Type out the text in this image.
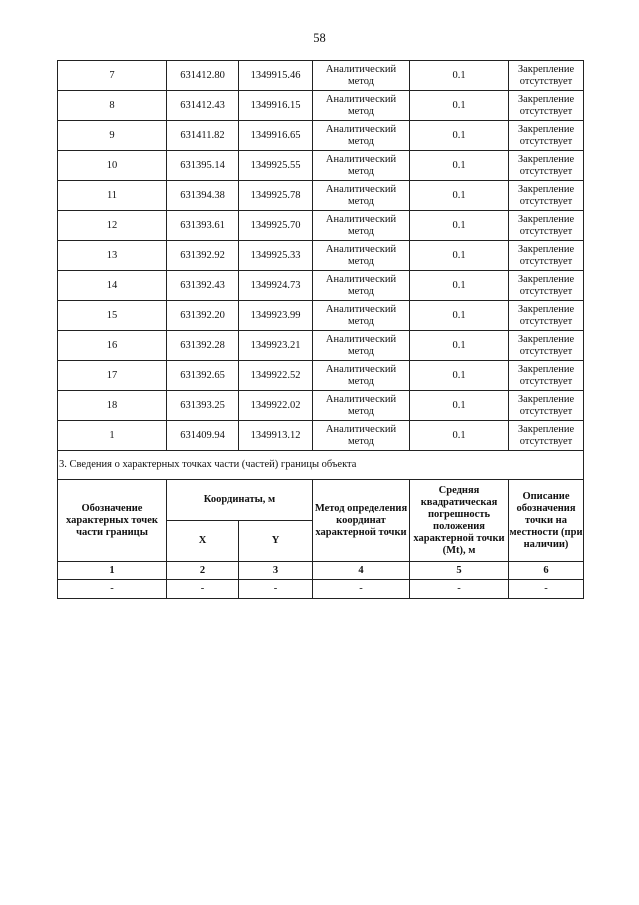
58
7	631412.80	1349915.46	Аналитический метод	0.1	Закрепление отсутствует
8	631412.43	1349916.15	Аналитический метод	0.1	Закрепление отсутствует
9	631411.82	1349916.65	Аналитический метод	0.1	Закрепление отсутствует
10	631395.14	1349925.55	Аналитический метод	0.1	Закрепление отсутствует
11	631394.38	1349925.78	Аналитический метод	0.1	Закрепление отсутствует
12	631393.61	1349925.70	Аналитический метод	0.1	Закрепление отсутствует
13	631392.92	1349925.33	Аналитический метод	0.1	Закрепление отсутствует
14	631392.43	1349924.73	Аналитический метод	0.1	Закрепление отсутствует
15	631392.20	1349923.99	Аналитический метод	0.1	Закрепление отсутствует
16	631392.28	1349923.21	Аналитический метод	0.1	Закрепление отсутствует
17	631392.65	1349922.52	Аналитический метод	0.1	Закрепление отсутствует
18	631393.25	1349922.02	Аналитический метод	0.1	Закрепление отсутствует
1	631409.94	1349913.12	Аналитический метод	0.1	Закрепление отсутствует
3. Сведения о характерных точках части (частей) границы объекта					
Обозначение характерных точек части границы	Координаты, м		Метод определения координат характерной точки	Средняя квадратическая погрешность положения характерной точки (Mt), м	Описание обозначения точки на местности (при наличии)
	X	Y			
1	2	3	4	5	6
-	-	-	-	-	-
